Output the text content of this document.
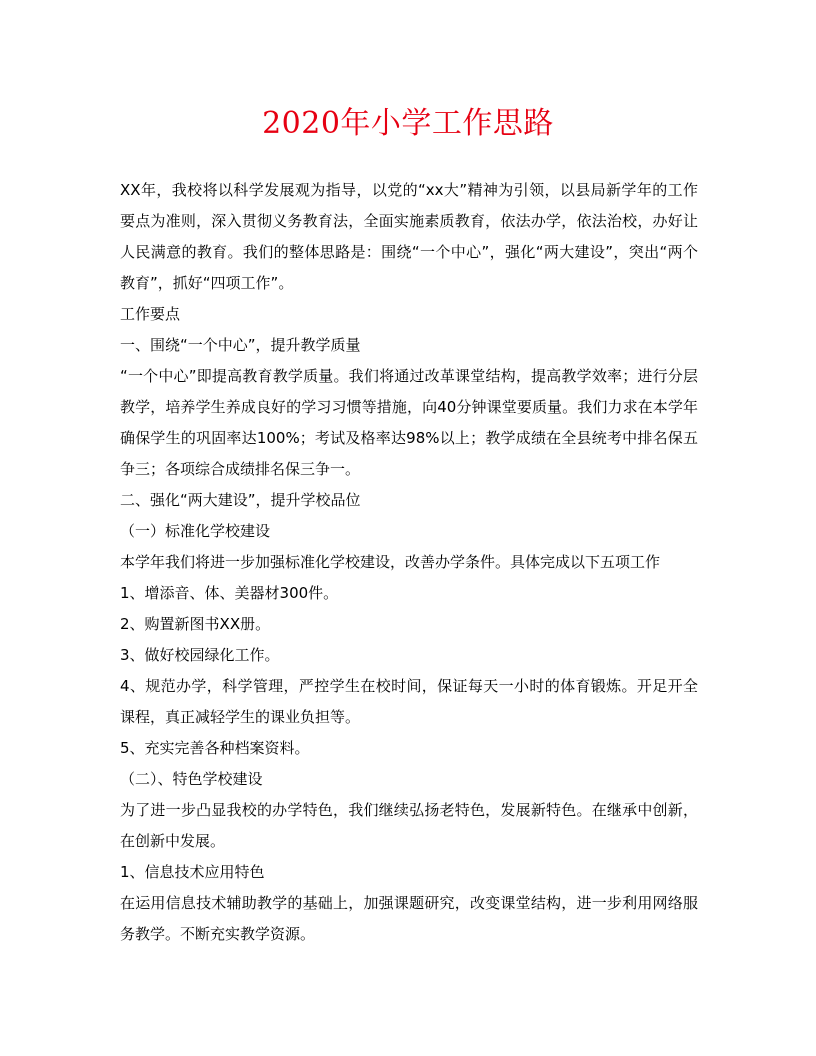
2020年小学工作思路

XX年，我校将以科学发展观为指导，以党的“xx大”精神为引领，以县局新学年的工作要点为准则，深入贯彻义务教育法，全面实施素质教育，依法办学，依法治校，办好让人民满意的教育。我们的整体思路是：围绕“一个中心”，强化“两大建设”，突出“两个教育”，抓好“四项工作”。

工作要点

一、围绕“一个中心”，提升教学质量

“一个中心”即提高教育教学质量。我们将通过改革课堂结构，提高教学效率；进行分层教学，培养学生养成良好的学习习惯等措施，向40分钟课堂要质量。我们力求在本学年确保学生的巩固率达100%；考试及格率达98%以上；教学成绩在全县统考中排名保五争三；各项综合成绩排名保三争一。

二、强化“两大建设”，提升学校品位

（一）标准化学校建设

本学年我们将进一步加强标准化学校建设，改善办学条件。具体完成以下五项工作

1、增添音、体、美器材300件。

2、购置新图书XX册。

3、做好校园绿化工作。

4、规范办学，科学管理，严控学生在校时间，保证每天一小时的体育锻炼。开足开全课程，真正减轻学生的课业负担等。

5、充实完善各种档案资料。

（二）、特色学校建设

为了进一步凸显我校的办学特色，我们继续弘扬老特色，发展新特色。在继承中创新，在创新中发展。

1、信息技术应用特色

在运用信息技术辅助教学的基础上，加强课题研究，改变课堂结构，进一步利用网络服务教学。不断充实教学资源。
